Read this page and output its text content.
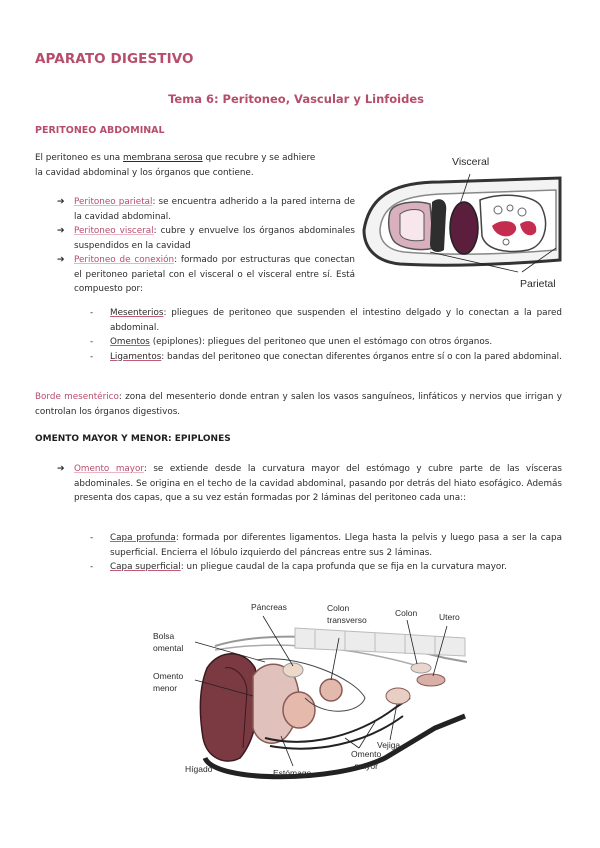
APARATO DIGESTIVO
Tema 6: Peritoneo, Vascular y Linfoides
PERITONEO ABDOMINAL
El peritoneo es una membrana serosa que recubre y se adhiere
la cavidad abdominal y los órganos que contiene.
➔ Peritoneo parietal: se encuentra adherido a la pared interna de la cavidad abdominal.
➔ Peritoneo visceral: cubre y envuelve los órganos abdominales suspendidos en la cavidad
➔ Peritoneo de conexión: formado por estructuras que conectan el peritoneo parietal con el visceral o el visceral entre sí. Está compuesto por:
Visceral
Parietal
- Mesenterios: pliegues de peritoneo que suspenden el intestino delgado y lo conectan a la pared abdominal.
- Omentos (epiplones): pliegues del peritoneo que unen el estómago con otros órganos.
- Ligamentos: bandas del peritoneo que conectan diferentes órganos entre sí o con la pared abdominal.
Borde mesentérico: zona del mesenterio donde entran y salen los vasos sanguíneos, linfáticos y nervios que irrigan y controlan los órganos digestivos.
OMENTO MAYOR Y MENOR: EPIPLONES
➔ Omento mayor: se extiende desde la curvatura mayor del estómago y cubre parte de las vísceras abdominales. Se origina en el techo de la cavidad abdominal, pasando por detrás del hiato esofágico. Además presenta dos capas, que a su vez están formadas por 2 láminas del peritoneo cada una::
- Capa profunda: formada por diferentes ligamentos. Llega hasta la pelvis y luego pasa a ser la capa superficial. Encierra el lóbulo izquierdo del páncreas entre sus 2 láminas.
- Capa superficial: un pliegue caudal de la capa profunda que se fija en la curvatura mayor.
Páncreas	Colon
transverso
Colon	Utero
Bolsa
omental
Omento
menor
Vejiga
Omento
mayor
Hígado	Estómago
